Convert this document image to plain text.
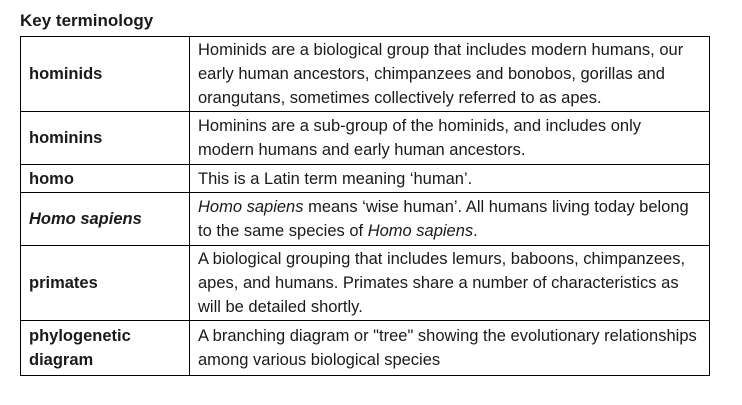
Key terminology
hominids	Hominids are a biological group that includes modern humans, our early human ancestors, chimpanzees and bonobos, gorillas and orangutans, sometimes collectively referred to as apes.
hominins	Hominins are a sub-group of the hominids, and includes only modern humans and early human ancestors.
homo	This is a Latin term meaning ‘human’.
Homo sapiens	Homo sapiens means ‘wise human’. All humans living today belong to the same species of Homo sapiens.
primates	A biological grouping that includes lemurs, baboons, chimpanzees, apes, and humans. Primates share a number of characteristics as will be detailed shortly.
phylogenetic diagram	A branching diagram or "tree" showing the evolutionary relationships among various biological species
